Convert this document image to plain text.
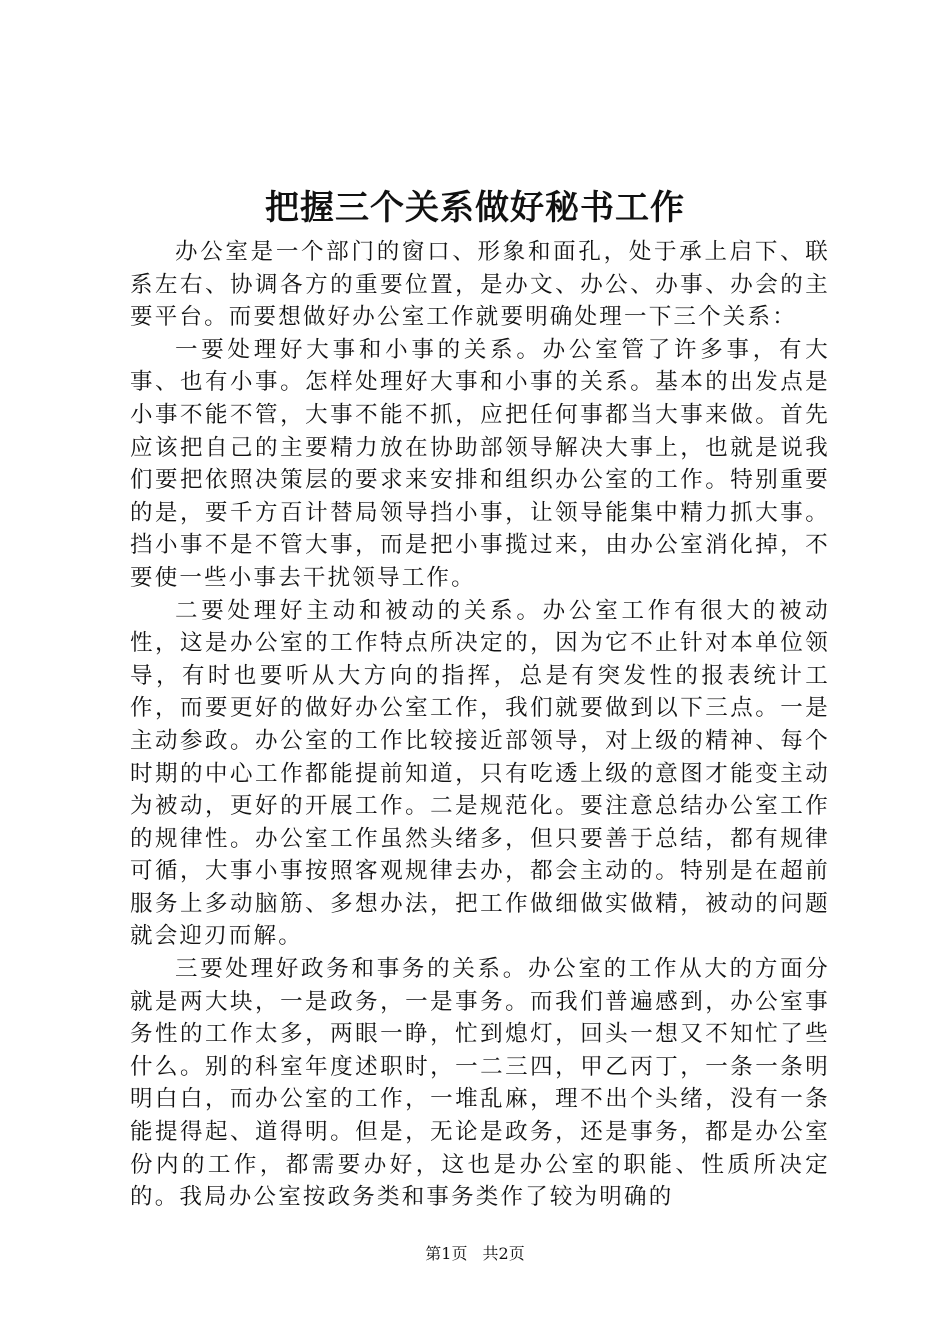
把握三个关系做好秘书工作

办公室是一个部门的窗口、形象和面孔，处于承上启下、联系左右、协调各方的重要位置，是办文、办公、办事、办会的主要平台。而要想做好办公室工作就要明确处理一下三个关系：

一要处理好大事和小事的关系。办公室管了许多事，有大事、也有小事。怎样处理好大事和小事的关系。基本的出发点是小事不能不管，大事不能不抓，应把任何事都当大事来做。首先应该把自己的主要精力放在协助部领导解决大事上，也就是说我们要把依照决策层的要求来安排和组织办公室的工作。特别重要的是，要千方百计替局领导挡小事，让领导能集中精力抓大事。挡小事不是不管大事，而是把小事揽过来，由办公室消化掉，不要使一些小事去干扰领导工作。

二要处理好主动和被动的关系。办公室工作有很大的被动性，这是办公室的工作特点所决定的，因为它不止针对本单位领导，有时也要听从大方向的指挥，总是有突发性的报表统计工作，而要更好的做好办公室工作，我们就要做到以下三点。一是主动参政。办公室的工作比较接近部领导，对上级的精神、每个时期的中心工作都能提前知道，只有吃透上级的意图才能变主动为被动，更好的开展工作。二是规范化。要注意总结办公室工作的规律性。办公室工作虽然头绪多，但只要善于总结，都有规律可循，大事小事按照客观规律去办，都会主动的。特别是在超前服务上多动脑筋、多想办法，把工作做细做实做精，被动的问题就会迎刃而解。

三要处理好政务和事务的关系。办公室的工作从大的方面分就是两大块，一是政务，一是事务。而我们普遍感到，办公室事务性的工作太多，两眼一睁，忙到熄灯，回头一想又不知忙了些什么。别的科室年度述职时，一二三四，甲乙丙丁，一条一条明明白白，而办公室的工作，一堆乱麻，理不出个头绪，没有一条能提得起、道得明。但是，无论是政务，还是事务，都是办公室份内的工作，都需要办好，这也是办公室的职能、性质所决定的。我局办公室按政务类和事务类作了较为明确的

第1页 共2页
